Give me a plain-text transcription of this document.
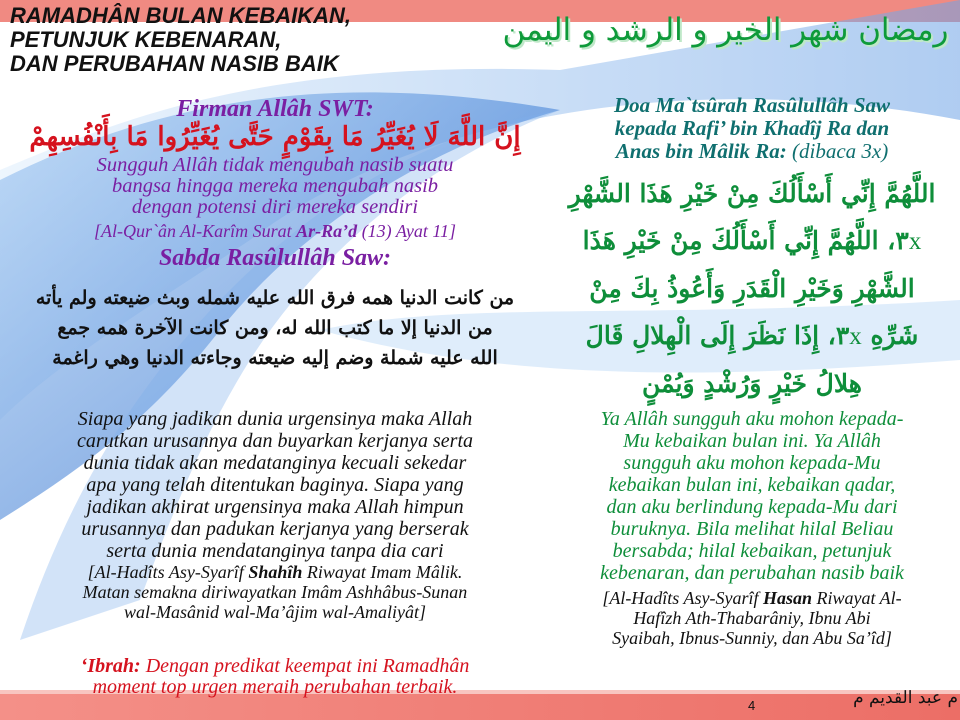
RAMADHÂN BULAN KEBAIKAN,
PETUNJUK KEBENARAN,
DAN PERUBAHAN NASIB BAIK
رمضان شهر الخير و الرشد و اليمن
Firman Allâh SWT:
إِنَّ اللَّهَ لَا يُغَيِّرُ مَا بِقَوْمٍ حَتَّى يُغَيِّرُوا مَا بِأَنْفُسِهِمْ
Sungguh Allâh tidak mengubah nasib suatu
bangsa hingga mereka mengubah nasib
dengan potensi diri mereka sendiri
[Al-Qur`ân Al-Karîm Surat Ar-Ra’d (13) Ayat 11]
Sabda Rasûlullâh Saw:
من كانت الدنيا همه فرق الله عليه شمله وبث ضيعته ولم يأته
من الدنيا إلا ما كتب الله له، ومن كانت الآخرة همه جمع
الله عليه شملة وضم إليه ضيعته وجاءته الدنيا وهي راغمة
Siapa yang jadikan dunia urgensinya maka Allah
carutkan urusannya dan buyarkan kerjanya serta
dunia tidak akan medatanginya kecuali sekedar
apa yang telah ditentukan baginya. Siapa yang
jadikan akhirat urgensinya maka Allah himpun
urusannya dan padukan kerjanya yang berserak
serta dunia mendatanginya tanpa dia cari
[Al-Hadîts Asy-Syarîf Shahîh Riwayat Imam Mâlik.
Matan semakna diriwayatkan Imâm Ashhâbus-Sunan
wal-Masânid wal-Ma’âjim wal-Amaliyât]
‘Ibrah: Dengan predikat keempat ini Ramadhân
moment top urgen meraih perubahan terbaik.
Doa Ma`tsûrah Rasûlullâh Saw
kepada Rafi’ bin Khadîj Ra dan
Anas bin Mâlik Ra: (dibaca 3x)
اللَّهُمَّ إِنِّي أَسْأَلُكَ مِنْ خَيْرِ هَذَا الشَّهْرِ
٣x، اللَّهُمَّ إِنِّي أَسْأَلُكَ مِنْ خَيْرِ هَذَا
الشَّهْرِ وَخَيْرِ الْقَدَرِ وَأَعُوذُ بِكَ مِنْ
شَرِّهِ ٣x، إِذَا نَظَرَ إِلَى الْهِلالِ قَالَ
هِلالُ خَيْرٍ وَرُشْدٍ وَيُمْنٍ
Ya Allâh sungguh aku mohon kepada-
Mu kebaikan bulan ini. Ya Allâh
sungguh aku mohon kepada-Mu
kebaikan bulan ini, kebaikan qadar,
dan aku berlindung kepada-Mu dari
buruknya. Bila melihat hilal Beliau
bersabda; hilal kebaikan, petunjuk
kebenaran, dan perubahan nasib baik
[Al-Hadîts Asy-Syarîf Hasan Riwayat Al-
Hafîzh Ath-Thabarâniy, Ibnu Abi
Syaibah, Ibnus-Sunniy, dan Abu Sa’îd]
4	م عبد القديم م
